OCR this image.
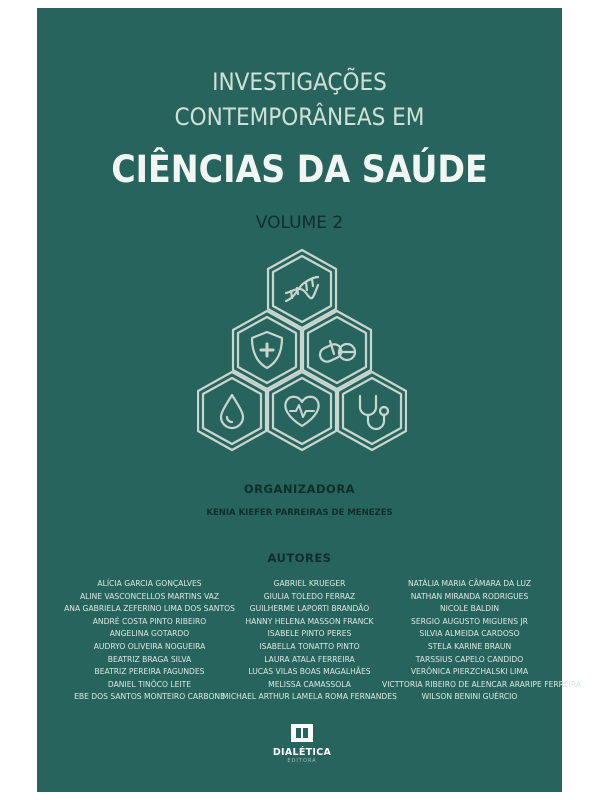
INVESTIGAÇÕES
CONTEMPORÂNEAS EM
CIÊNCIAS DA SAÚDE
VOLUME 2
ORGANIZADORA
KENIA KIEFER PARREIRAS DE MENEZES
AUTORES
ALÍCIA GARCIA GONÇALVES
ALINE VASCONCELLOS MARTINS VAZ
ANA GABRIELA ZEFERINO LIMA DOS SANTOS
ANDRÉ COSTA PINTO RIBEIRO
ANGELINA GOTARDO
AUDRYO OLIVEIRA NOGUEIRA
BEATRIZ BRAGA SILVA
BEATRIZ PEREIRA FAGUNDES
DANIEL TINÔCO LEITE
EBE DOS SANTOS MONTEIRO CARBONE
GABRIEL KRUEGER
GIULIA TOLEDO FERRAZ
GUILHERME LAPORTI BRANDÃO
HANNY HELENA MASSON FRANCK
ISABELE PINTO PERES
ISABELLA TONATTO PINTO
LAURA ATALA FERREIRA
LUCAS VILAS BOAS MAGALHÃES
MELISSA CAMASSOLA
MICHAEL ARTHUR LAMELA ROMA FERNANDES
NATÁLIA MARIA CÂMARA DA LUZ
NATHAN MIRANDA RODRIGUES
NICOLE BALDIN
SERGIO AUGUSTO MIGUENS JR
SILVIA ALMEIDA CARDOSO
STELA KARINE BRAUN
TARSSIUS CAPELO CANDIDO
VERÔNICA PIERZCHALSKI LIMA
VICTTORIA RIBEIRO DE ALENCAR ARARIPE FERREIRA
WILSON BENINI GUÉRCIO
DIALÉTICA
EDITORA
